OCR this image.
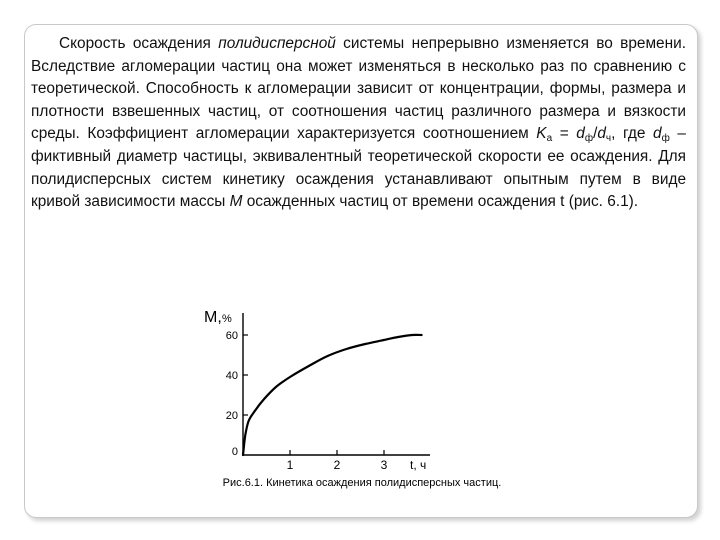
Скорость осаждения полидисперсной системы непрерывно изменяется во времени. Вследствие агломерации частиц она может изменяться в несколько раз по сравнению с теоретической. Способность к агломерации зависит от концентрации, формы, размера и плотности взвешенных частиц, от соотношения частиц различного размера и вязкости среды. Коэффициент агломерации характеризуется соотношением $K_а = d_ф/d_ч$, где $d_ф$ – фиктивный диаметр частицы, эквивалентный теоретической скорости ее осаждения. Для полидисперсных систем кинетику осаждения устанавливают опытным путем в виде кривой зависимости массы M осажденных частиц от времени осаждения t (рис. 6.1).
M, %
0
20
40
60
1	2	3 t, ч
Рис.6.1. Кинетика осаждения полидисперсных частиц.
